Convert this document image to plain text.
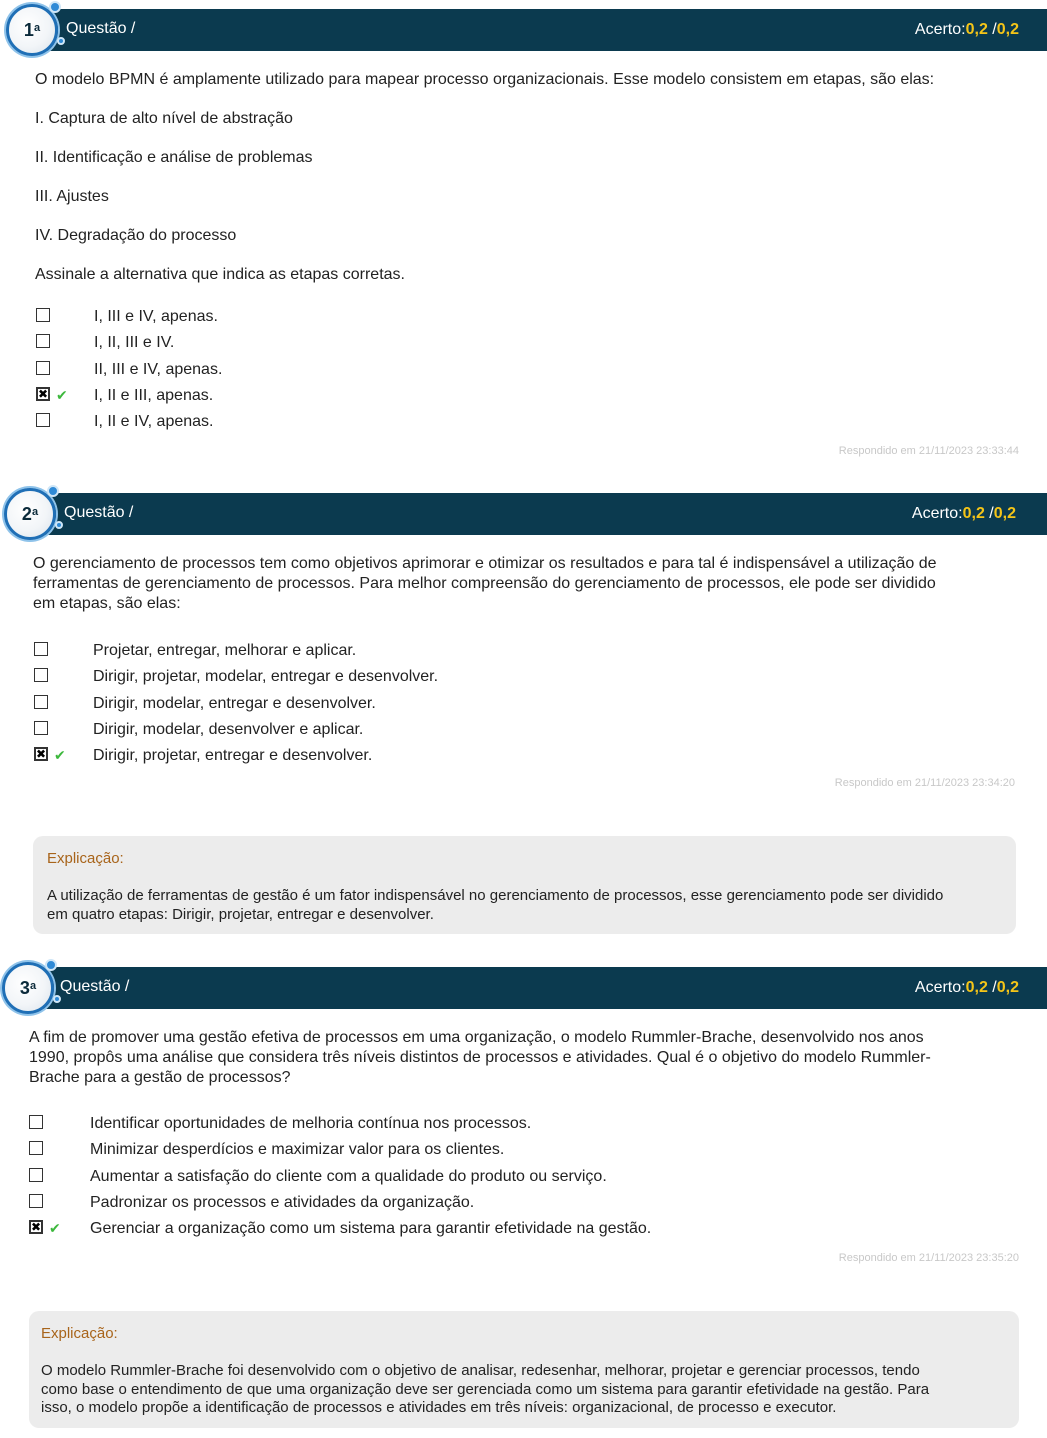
Questão /	Acerto:0,2 /0,2
1$^a$
O modelo BPMN é amplamente utilizado para mapear processo organizacionais. Esse modelo consistem em etapas, são elas:
I. Captura de alto nível de abstração
II. Identificação e análise de problemas
III. Ajustes
IV. Degradação do processo
Assinale a alternativa que indica as etapas corretas.
I, III e IV, apenas.
I, II, III e IV.
II, III e IV, apenas.
✖ ✔ I, II e III, apenas.
I, II e IV, apenas.
Respondido em 21/11/2023 23:33:44
Questão /	Acerto:0,2 /0,2
2$^a$
O gerenciamento de processos tem como objetivos aprimorar e otimizar os resultados e para tal é indispensável a utilização de
ferramentas de gerenciamento de processos. Para melhor compreensão do gerenciamento de processos, ele pode ser dividido
em etapas, são elas:
Projetar, entregar, melhorar e aplicar.
Dirigir, projetar, modelar, entregar e desenvolver.
Dirigir, modelar, entregar e desenvolver.
Dirigir, modelar, desenvolver e aplicar.
✖ ✔ Dirigir, projetar, entregar e desenvolver.
Respondido em 21/11/2023 23:34:20
Explicação:
A utilização de ferramentas de gestão é um fator indispensável no gerenciamento de processos, esse gerenciamento pode ser dividido
em quatro etapas: Dirigir, projetar, entregar e desenvolver.
Questão /	Acerto:0,2 /0,2
3$^a$
A fim de promover uma gestão efetiva de processos em uma organização, o modelo Rummler-Brache, desenvolvido nos anos
1990, propôs uma análise que considera três níveis distintos de processos e atividades. Qual é o objetivo do modelo Rummler-
Brache para a gestão de processos?
Identificar oportunidades de melhoria contínua nos processos.
Minimizar desperdícios e maximizar valor para os clientes.
Aumentar a satisfação do cliente com a qualidade do produto ou serviço.
Padronizar os processos e atividades da organização.
✖ ✔ Gerenciar a organização como um sistema para garantir efetividade na gestão.
Respondido em 21/11/2023 23:35:20
Explicação:
O modelo Rummler-Brache foi desenvolvido com o objetivo de analisar, redesenhar, melhorar, projetar e gerenciar processos, tendo
como base o entendimento de que uma organização deve ser gerenciada como um sistema para garantir efetividade na gestão. Para
isso, o modelo propõe a identificação de processos e atividades em três níveis: organizacional, de processo e executor.
